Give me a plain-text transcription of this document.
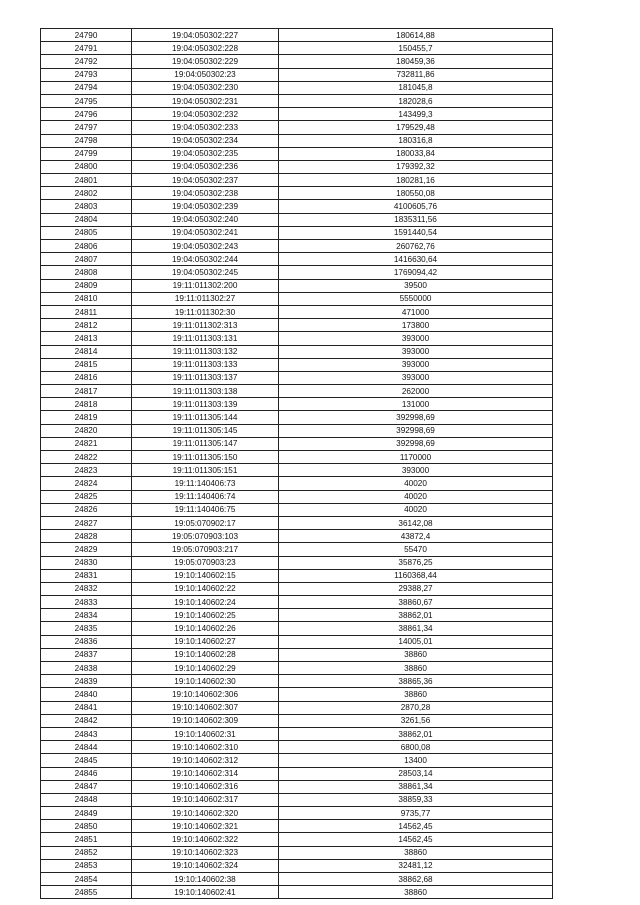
24790	19:04:050302:227	180614,88
24791	19:04:050302:228	150455,7
24792	19:04:050302:229	180459,36
24793	19:04:050302:23	732811,86
24794	19:04:050302:230	181045,8
24795	19:04:050302:231	182028,6
24796	19:04:050302:232	143499,3
24797	19:04:050302:233	179529,48
24798	19:04:050302:234	180316,8
24799	19:04:050302:235	180033,84
24800	19:04:050302:236	179392,32
24801	19:04:050302:237	180281,16
24802	19:04:050302:238	180550,08
24803	19:04:050302:239	4100605,76
24804	19:04:050302:240	1835311,56
24805	19:04:050302:241	1591440,54
24806	19:04:050302:243	260762,76
24807	19:04:050302:244	1416630,64
24808	19:04:050302:245	1769094,42
24809	19:11:011302:200	39500
24810	19:11:011302:27	5550000
24811	19:11:011302:30	471000
24812	19:11:011302:313	173800
24813	19:11:011303:131	393000
24814	19:11:011303:132	393000
24815	19:11:011303:133	393000
24816	19:11:011303:137	393000
24817	19:11:011303:138	262000
24818	19:11:011303:139	131000
24819	19:11:011305:144	392998,69
24820	19:11:011305:145	392998,69
24821	19:11:011305:147	392998,69
24822	19:11:011305:150	1170000
24823	19:11:011305:151	393000
24824	19:11:140406:73	40020
24825	19:11:140406:74	40020
24826	19:11:140406:75	40020
24827	19:05:070902:17	36142,08
24828	19:05:070903:103	43872,4
24829	19:05:070903:217	55470
24830	19:05:070903:23	35876,25
24831	19:10:140602:15	1160368,44
24832	19:10:140602:22	29388,27
24833	19:10:140602:24	38860,67
24834	19:10:140602:25	38862,01
24835	19:10:140602:26	38861,34
24836	19:10:140602:27	14005,01
24837	19:10:140602:28	38860
24838	19:10:140602:29	38860
24839	19:10:140602:30	38865,36
24840	19:10:140602:306	38860
24841	19:10:140602:307	2870,28
24842	19:10:140602:309	3261,56
24843	19:10:140602:31	38862,01
24844	19:10:140602:310	6800,08
24845	19:10:140602:312	13400
24846	19:10:140602:314	28503,14
24847	19:10:140602:316	38861,34
24848	19:10:140602:317	38859,33
24849	19:10:140602:320	9735,77
24850	19:10:140602:321	14562,45
24851	19:10:140602:322	14562,45
24852	19:10:140602:323	38860
24853	19:10:140602:324	32481,12
24854	19:10:140602:38	38862,68
24855	19:10:140602:41	38860
